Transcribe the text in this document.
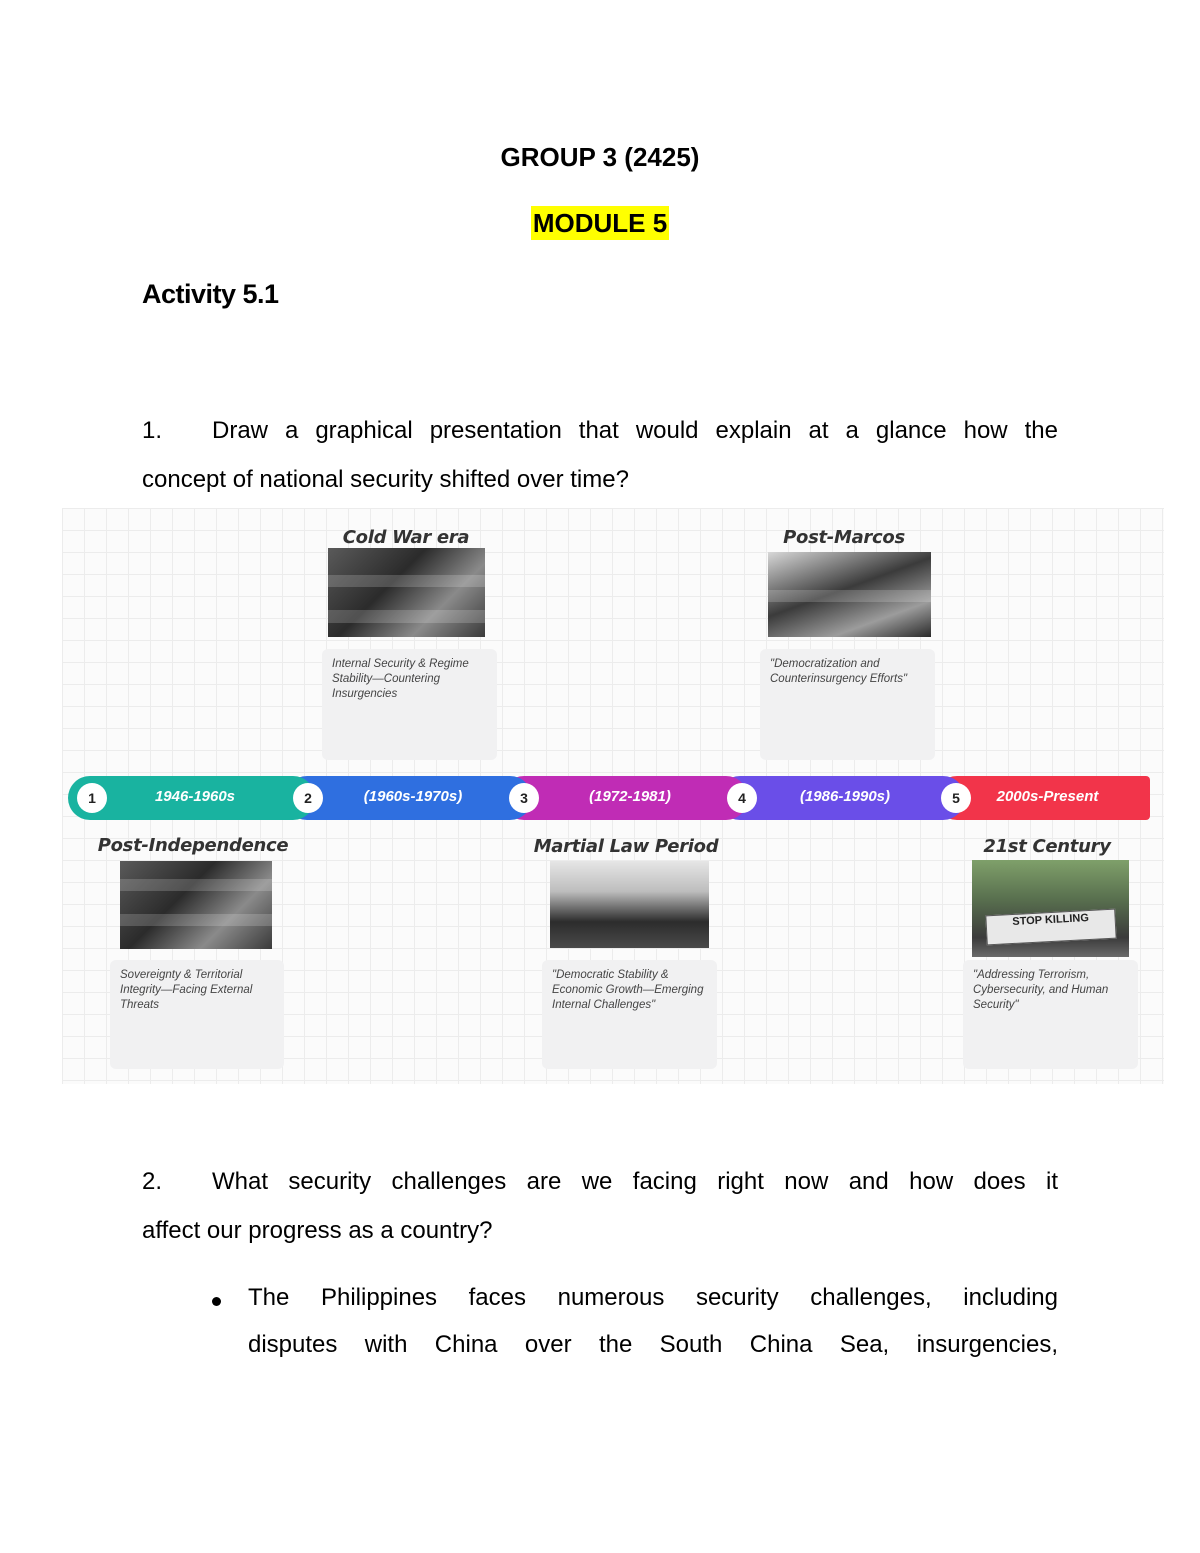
GROUP 3 (2425)
MODULE 5
Activity 5.1
1. Draw a graphical presentation that would explain at a glance how the
concept of national security shifted over time?
Post-Independence
Cold War era
Martial Law Period
Post-Marcos
21st Century
STOP KILLING
Sovereignty & Territorial Integrity—Facing External Threats
Internal Security & Regime Stability—Countering Insurgencies
"Democratic Stability & Economic Growth—Emerging Internal Challenges"
"Democratization and Counterinsurgency Efforts"
"Addressing Terrorism, Cybersecurity, and Human Security"
1	2	3	4	5
1946-1960s	(1960s-1970s)	(1972-1981)	(1986-1990s)	2000s-Present
2. What security challenges are we facing right now and how does it
affect our progress as a country?
The Philippines faces numerous security challenges, including
disputes with China over the South China Sea, insurgencies,
